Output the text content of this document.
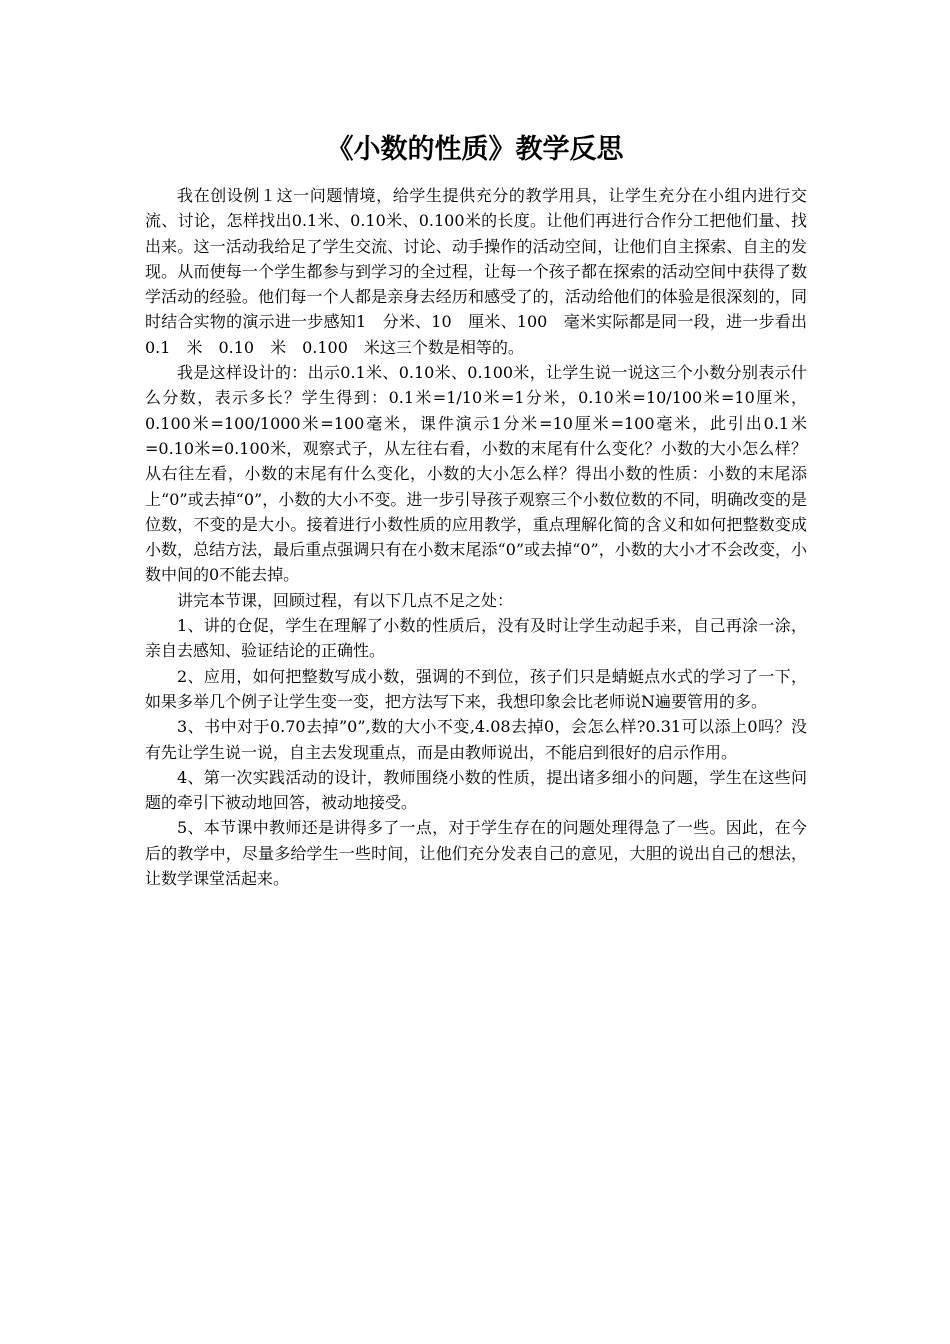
《小数的性质》教学反思

我在创设例１这一问题情境，给学生提供充分的教学用具，让学生充分在小组内进行交流、讨论，怎样找出0.1米、0.10米、0.100米的长度。让他们再进行合作分工把他们量、找出来。这一活动我给足了学生交流、讨论、动手操作的活动空间，让他们自主探索、自主的发现。从而使每一个学生都参与到学习的全过程，让每一个孩子都在探索的活动空间中获得了数学活动的经验。他们每一个人都是亲身去经历和感受了的，活动给他们的体验是很深刻的，同时结合实物的演示进一步感知1　分米、10　厘米、100　毫米实际都是同一段，进一步看出0.1　米　0.10　米　0.100　米这三个数是相等的。

我是这样设计的：出示0.1米、0.10米、0.100米，让学生说一说这三个小数分别表示什么分数，表示多长？学生得到：0.1米=1/10米=1分米，0.10米=10/100米=10厘米，0.100米=100/1000米=100毫米，课件演示1分米=10厘米=100毫米，此引出0.1米=0.10米=0.100米，观察式子，从左往右看，小数的末尾有什么变化？小数的大小怎么样？从右往左看，小数的末尾有什么变化，小数的大小怎么样？得出小数的性质：小数的末尾添上“0”或去掉“0”，小数的大小不变。进一步引导孩子观察三个小数位数的不同，明确改变的是位数，不变的是大小。接着进行小数性质的应用教学，重点理解化简的含义和如何把整数变成小数，总结方法，最后重点强调只有在小数末尾添“0”或去掉“0”，小数的大小才不会改变，小数中间的0不能去掉。

讲完本节课，回顾过程，有以下几点不足之处：

1、讲的仓促，学生在理解了小数的性质后，没有及时让学生动起手来，自己再涂一涂，亲自去感知、验证结论的正确性。

2、应用，如何把整数写成小数，强调的不到位，孩子们只是蜻蜓点水式的学习了一下，如果多举几个例子让学生变一变，把方法写下来，我想印象会比老师说N遍要管用的多。

3、书中对于0.70去掉”0”,数的大小不变,4.08去掉0，会怎么样?0.31可以添上0吗？没有先让学生说一说，自主去发现重点，而是由教师说出，不能启到很好的启示作用。

4、第一次实践活动的设计，教师围绕小数的性质，提出诸多细小的问题，学生在这些问题的牵引下被动地回答，被动地接受。

5、本节课中教师还是讲得多了一点，对于学生存在的问题处理得急了一些。因此，在今后的教学中，尽量多给学生一些时间，让他们充分发表自己的意见，大胆的说出自己的想法，让数学课堂活起来。
